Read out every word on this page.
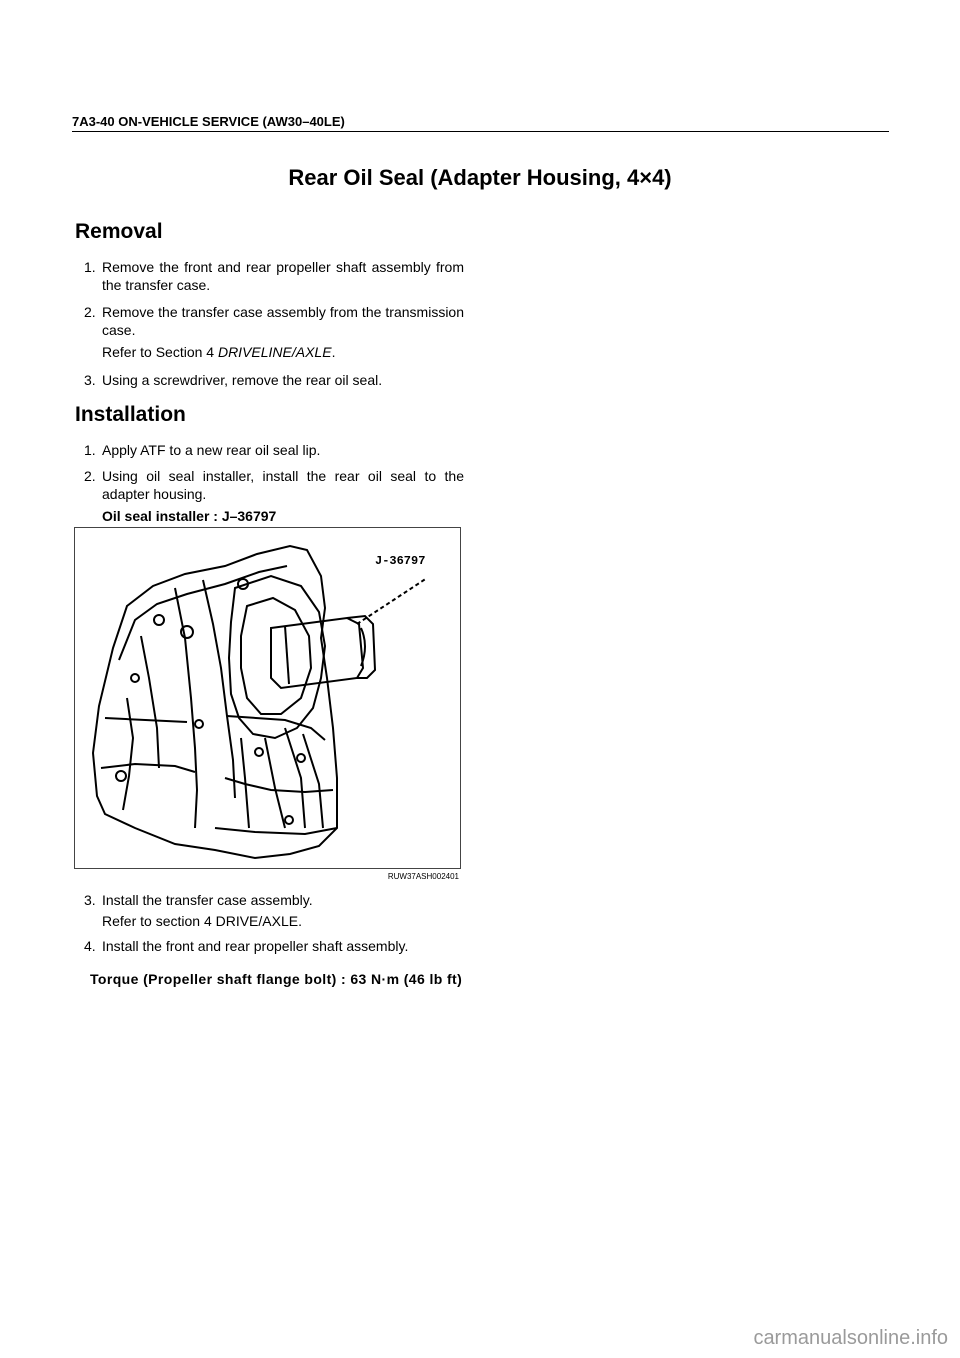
7A3-40 ON-VEHICLE SERVICE (AW30–40LE)
Rear Oil Seal (Adapter Housing, 4×4)
Removal
1. Remove the front and rear propeller shaft assembly from the transfer case.
2. Remove the transfer case assembly from the transmission case.
Refer to Section 4 DRIVELINE/AXLE.
3. Using a screwdriver, remove the rear oil seal.
Installation
1. Apply ATF to a new rear oil seal lip.
2. Using oil seal installer, install the rear oil seal to the adapter housing.
Oil seal installer : J–36797
J-36797
RUW37ASH002401
3. Install the transfer case assembly.
Refer to section 4 DRIVE/AXLE.
4. Install the front and rear propeller shaft assembly.
Torque (Propeller shaft flange bolt) : 63 N·m (46 lb ft)
carmanualsonline.info
